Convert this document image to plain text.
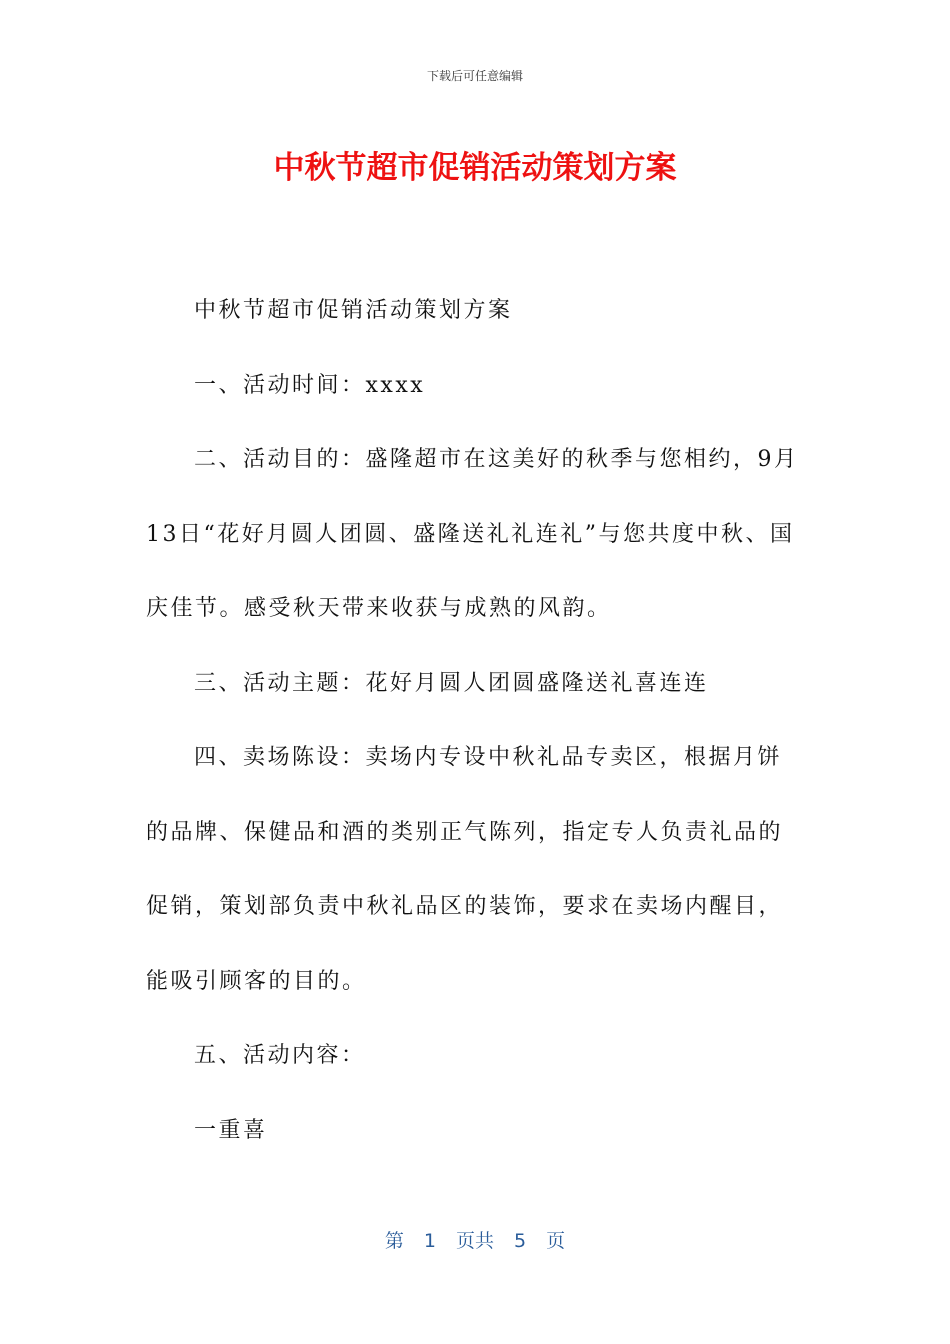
下载后可任意编辑
中秋节超市促销活动策划方案

中秋节超市促销活动策划方案

一、活动时间：xxxx

二、活动目的：盛隆超市在这美好的秋季与您相约，9月13日“花好月圆人团圆、盛隆送礼礼连礼”与您共度中秋、国庆佳节。感受秋天带来收获与成熟的风韵。

三、活动主题：花好月圆人团圆盛隆送礼喜连连

四、卖场陈设：卖场内专设中秋礼品专卖区，根据月饼的品牌、保健品和酒的类别正气陈列，指定专人负责礼品的促销，策划部负责中秋礼品区的装饰，要求在卖场内醒目，能吸引顾客的目的。

五、活动内容：

一重喜

第 1 页共 5 页
